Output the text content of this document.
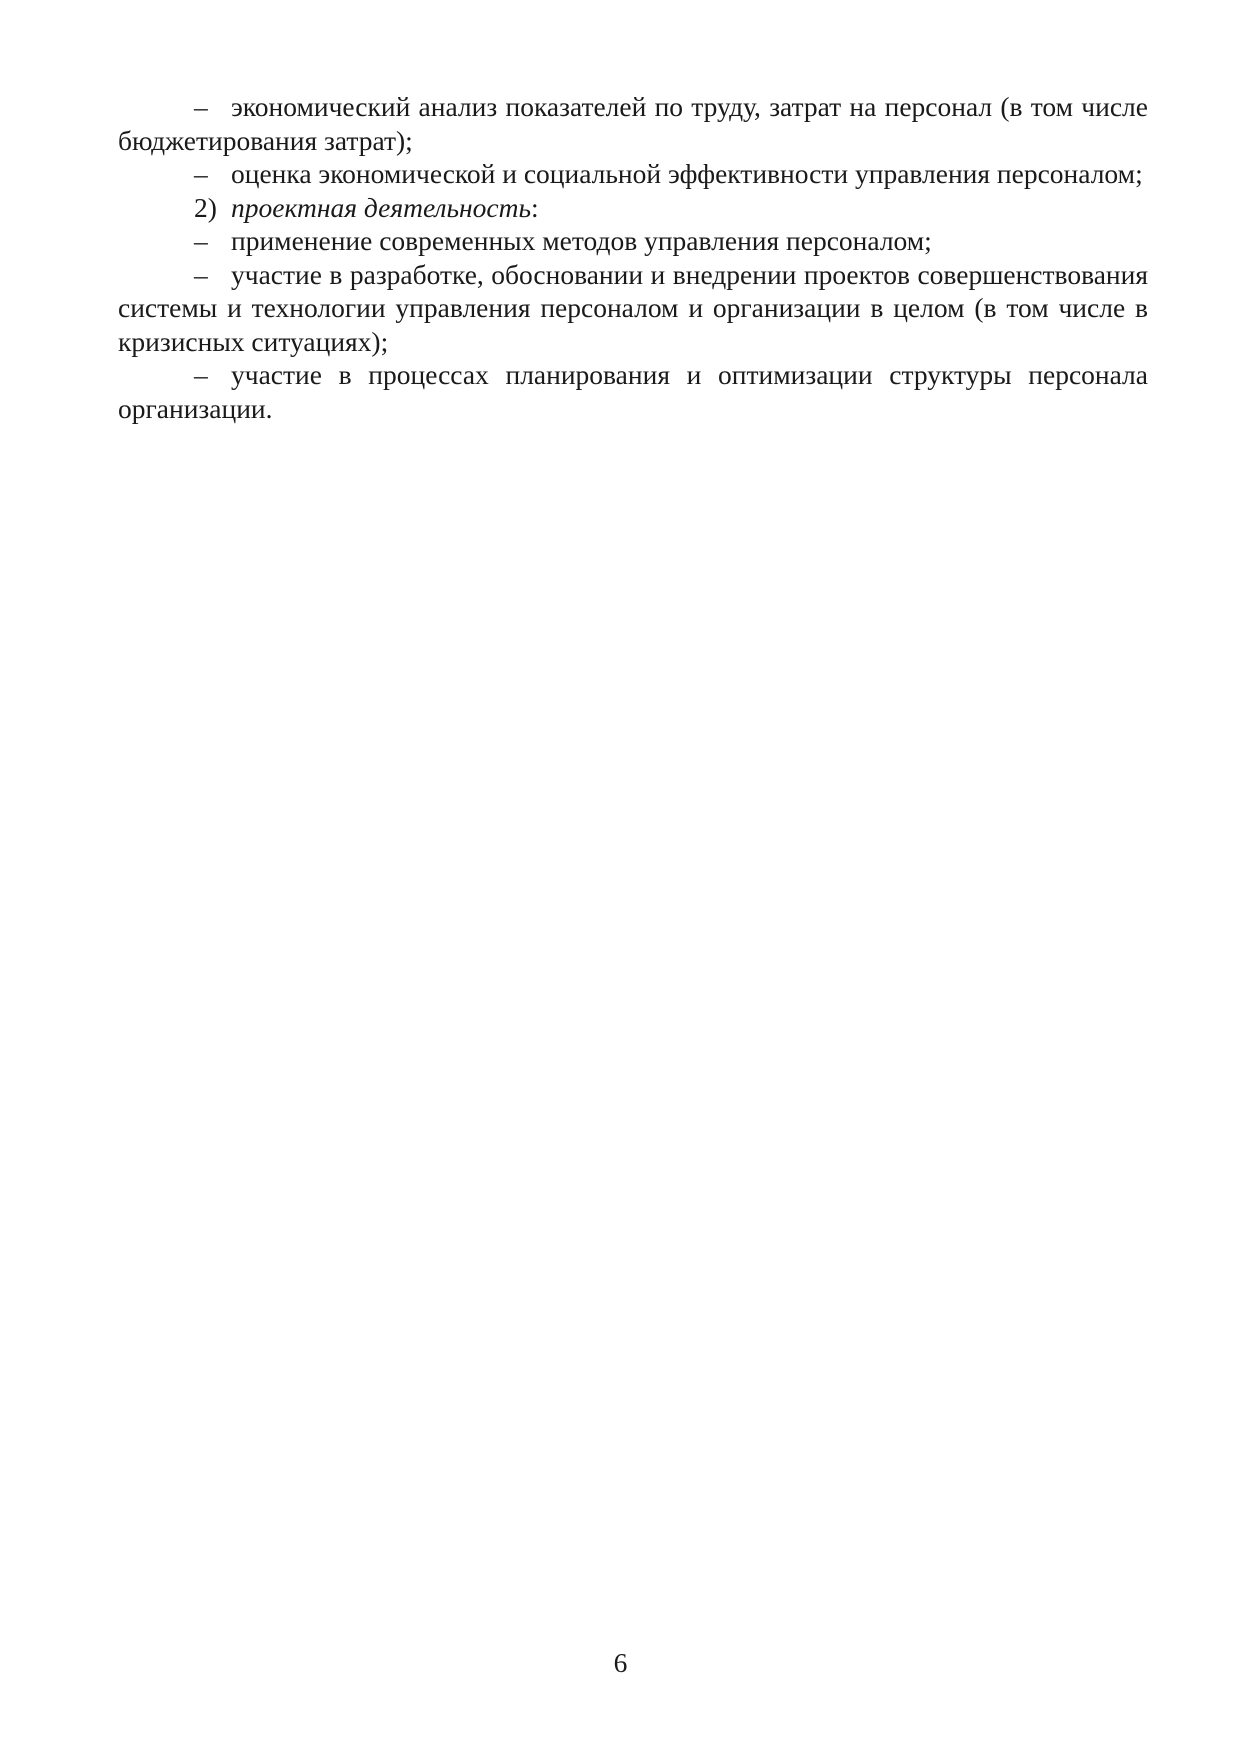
– экономический анализ показателей по труду, затрат на персонал (в том числе бюджетирования затрат);

– оценка экономической и социальной эффективности управления персоналом;

2) проектная деятельность:

– применение современных методов управления персоналом;

– участие в разработке, обосновании и внедрении проектов совершенствования системы и технологии управления персоналом и организации в целом (в том числе в кризисных ситуациях);

– участие в процессах планирования и оптимизации структуры персонала организации.

6
